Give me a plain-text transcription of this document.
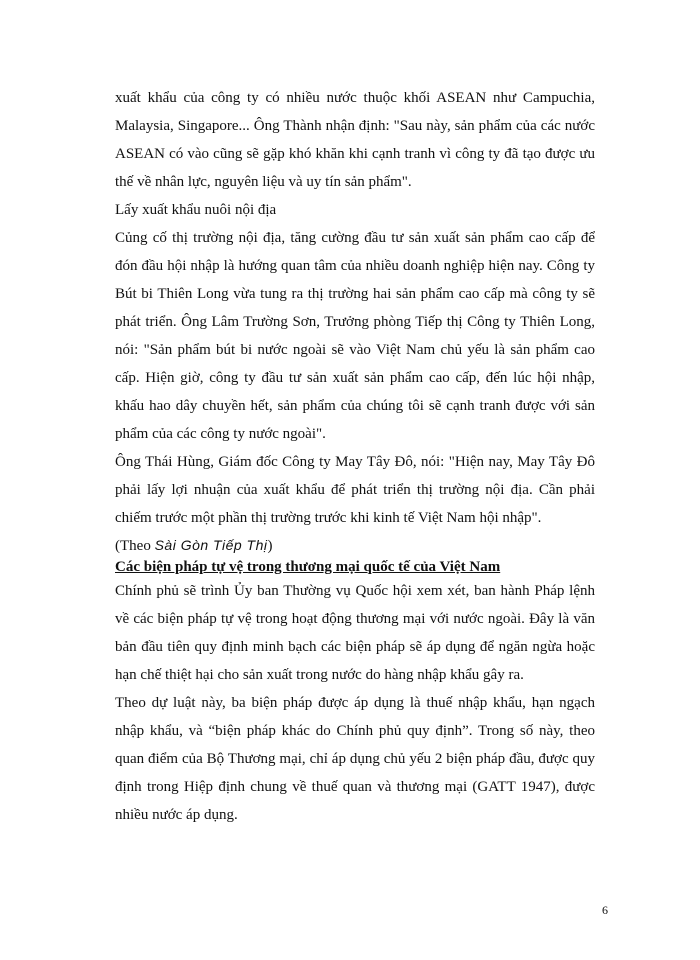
xuất khẩu của công ty có nhiều nước thuộc khối ASEAN như Campuchia, Malaysia, Singapore... Ông Thành nhận định: "Sau này, sản phẩm của các nước ASEAN có vào cũng sẽ gặp khó khăn khi cạnh tranh vì công ty đã tạo được ưu thế về nhân lực, nguyên liệu và uy tín sản phẩm".

Lấy xuất khẩu nuôi nội địa

Củng cố thị trường nội địa, tăng cường đầu tư sản xuất sản phẩm cao cấp để đón đầu hội nhập là hướng quan tâm của nhiều doanh nghiệp hiện nay. Công ty Bút bi Thiên Long vừa tung ra thị trường hai sản phẩm cao cấp mà công ty sẽ phát triển. Ông Lâm Trường Sơn, Trưởng phòng Tiếp thị Công ty Thiên Long, nói: "Sản phẩm bút bi nước ngoài sẽ vào Việt Nam chủ yếu là sản phẩm cao cấp. Hiện giờ, công ty đầu tư sản xuất sản phẩm cao cấp, đến lúc hội nhập, khấu hao dây chuyền hết, sản phẩm của chúng tôi sẽ cạnh tranh được với sản phẩm của các công ty nước ngoài".

Ông Thái Hùng, Giám đốc Công ty May Tây Đô, nói: "Hiện nay, May Tây Đô phải lấy lợi nhuận của xuất khẩu để phát triển thị trường nội địa. Cần phải chiếm trước một phần thị trường trước khi kinh tế Việt Nam hội nhập".

(Theo Sài Gòn Tiếp Thị)

Các biện pháp tự vệ trong thương mại quốc tế của Việt Nam

Chính phủ sẽ trình Ủy ban Thường vụ Quốc hội xem xét, ban hành Pháp lệnh về các biện pháp tự vệ trong hoạt động thương mại với nước ngoài. Đây là văn bản đầu tiên quy định minh bạch các biện pháp sẽ áp dụng để ngăn ngừa hoặc hạn chế thiệt hại cho sản xuất trong nước do hàng nhập khẩu gây ra.

Theo dự luật này, ba biện pháp được áp dụng là thuế nhập khẩu, hạn ngạch nhập khẩu, và “biện pháp khác do Chính phủ quy định”. Trong số này, theo quan điểm của Bộ Thương mại, chỉ áp dụng chủ yếu 2 biện pháp đầu, được quy định trong Hiệp định chung về thuế quan và thương mại (GATT 1947), được nhiều nước áp dụng.

6
